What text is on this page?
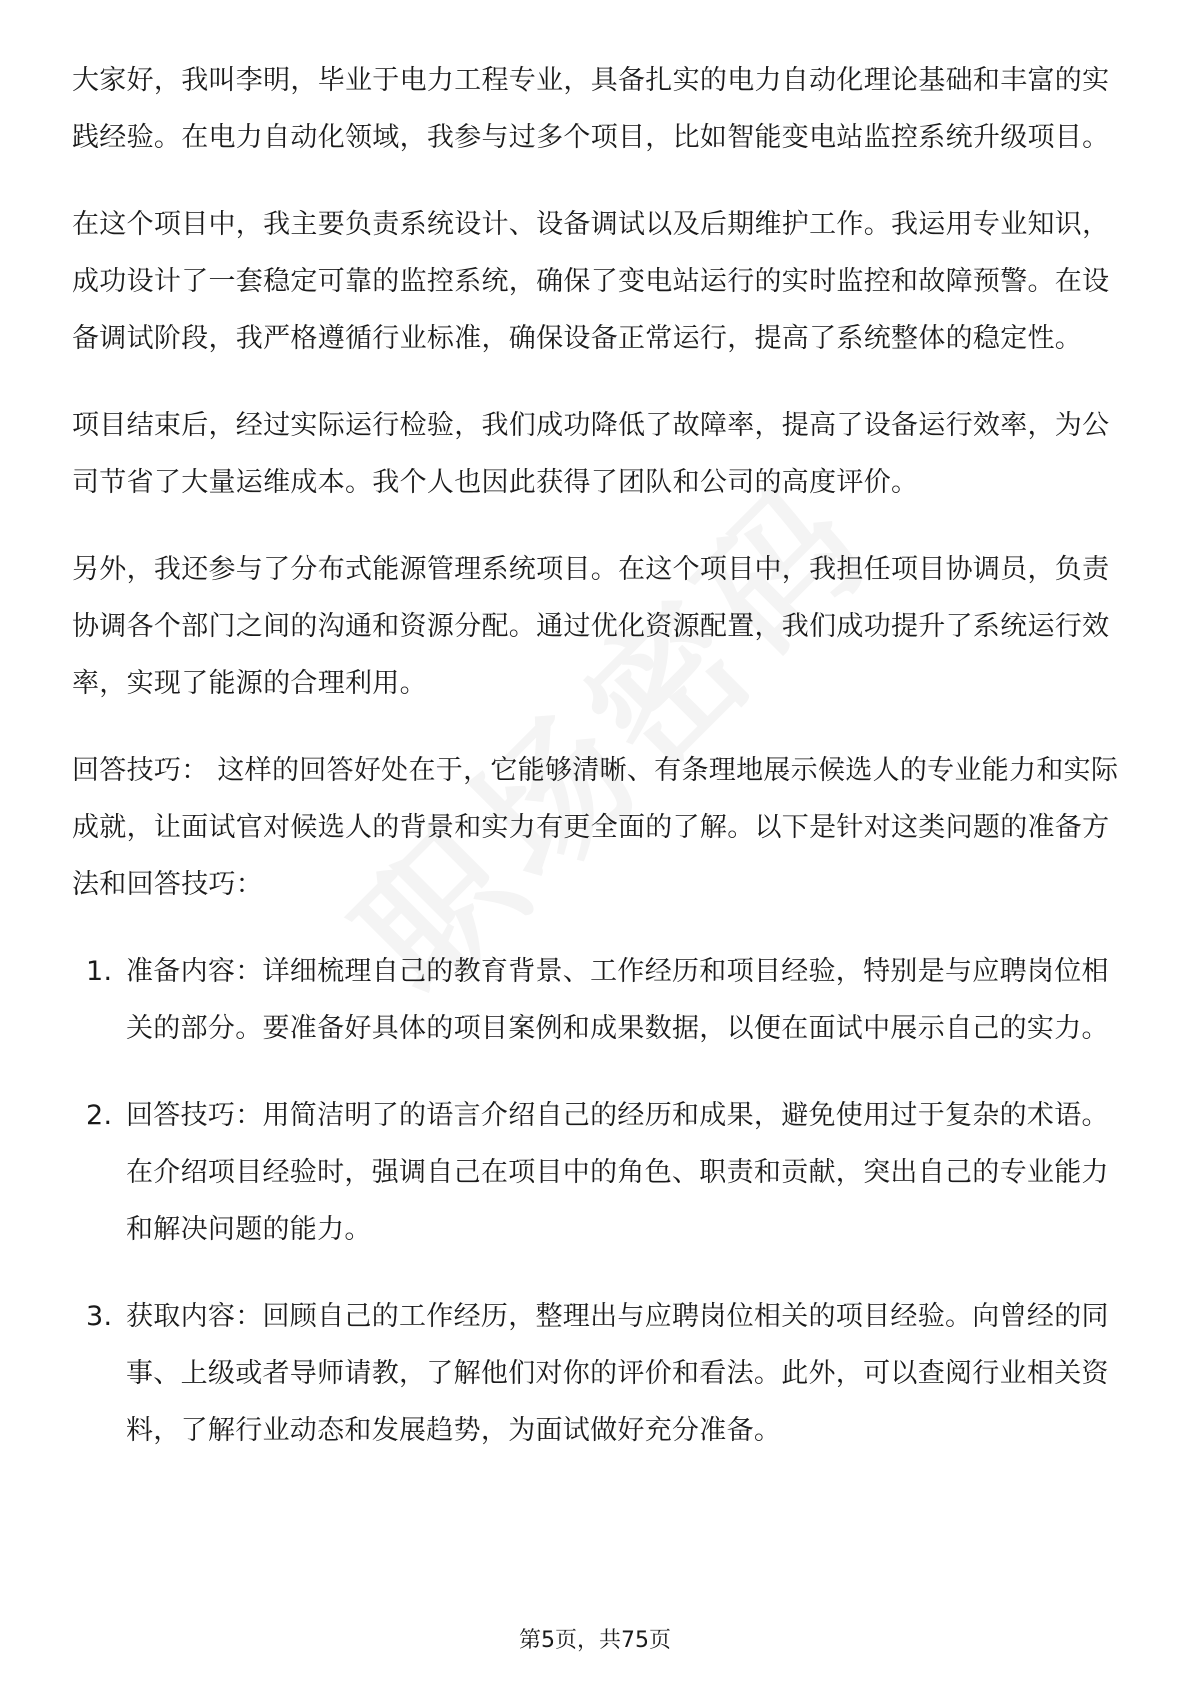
大家好，我叫李明，毕业于电力工程专业，具备扎实的电力自动化理论基础和丰富的实践经验。在电力自动化领域，我参与过多个项目，比如智能变电站监控系统升级项目。

在这个项目中，我主要负责系统设计、设备调试以及后期维护工作。我运用专业知识，成功设计了一套稳定可靠的监控系统，确保了变电站运行的实时监控和故障预警。在设备调试阶段，我严格遵循行业标准，确保设备正常运行，提高了系统整体的稳定性。

项目结束后，经过实际运行检验，我们成功降低了故障率，提高了设备运行效率，为公司节省了大量运维成本。我个人也因此获得了团队和公司的高度评价。

另外，我还参与了分布式能源管理系统项目。在这个项目中，我担任项目协调员，负责协调各个部门之间的沟通和资源分配。通过优化资源配置，我们成功提升了系统运行效率，实现了能源的合理利用。

回答技巧： 这样的回答好处在于，它能够清晰、有条理地展示候选人的专业能力和实际成就，让面试官对候选人的背景和实力有更全面的了解。以下是针对这类问题的准备方法和回答技巧：

1. 准备内容：详细梳理自己的教育背景、工作经历和项目经验，特别是与应聘岗位相关的部分。要准备好具体的项目案例和成果数据，以便在面试中展示自己的实力。
2. 回答技巧：用简洁明了的语言介绍自己的经历和成果，避免使用过于复杂的术语。在介绍项目经验时，强调自己在项目中的角色、职责和贡献，突出自己的专业能力和解决问题的能力。
3. 获取内容：回顾自己的工作经历，整理出与应聘岗位相关的项目经验。向曾经的同事、上级或者导师请教，了解他们对你的评价和看法。此外，可以查阅行业相关资料，了解行业动态和发展趋势，为面试做好充分准备。
第5页，共75页
